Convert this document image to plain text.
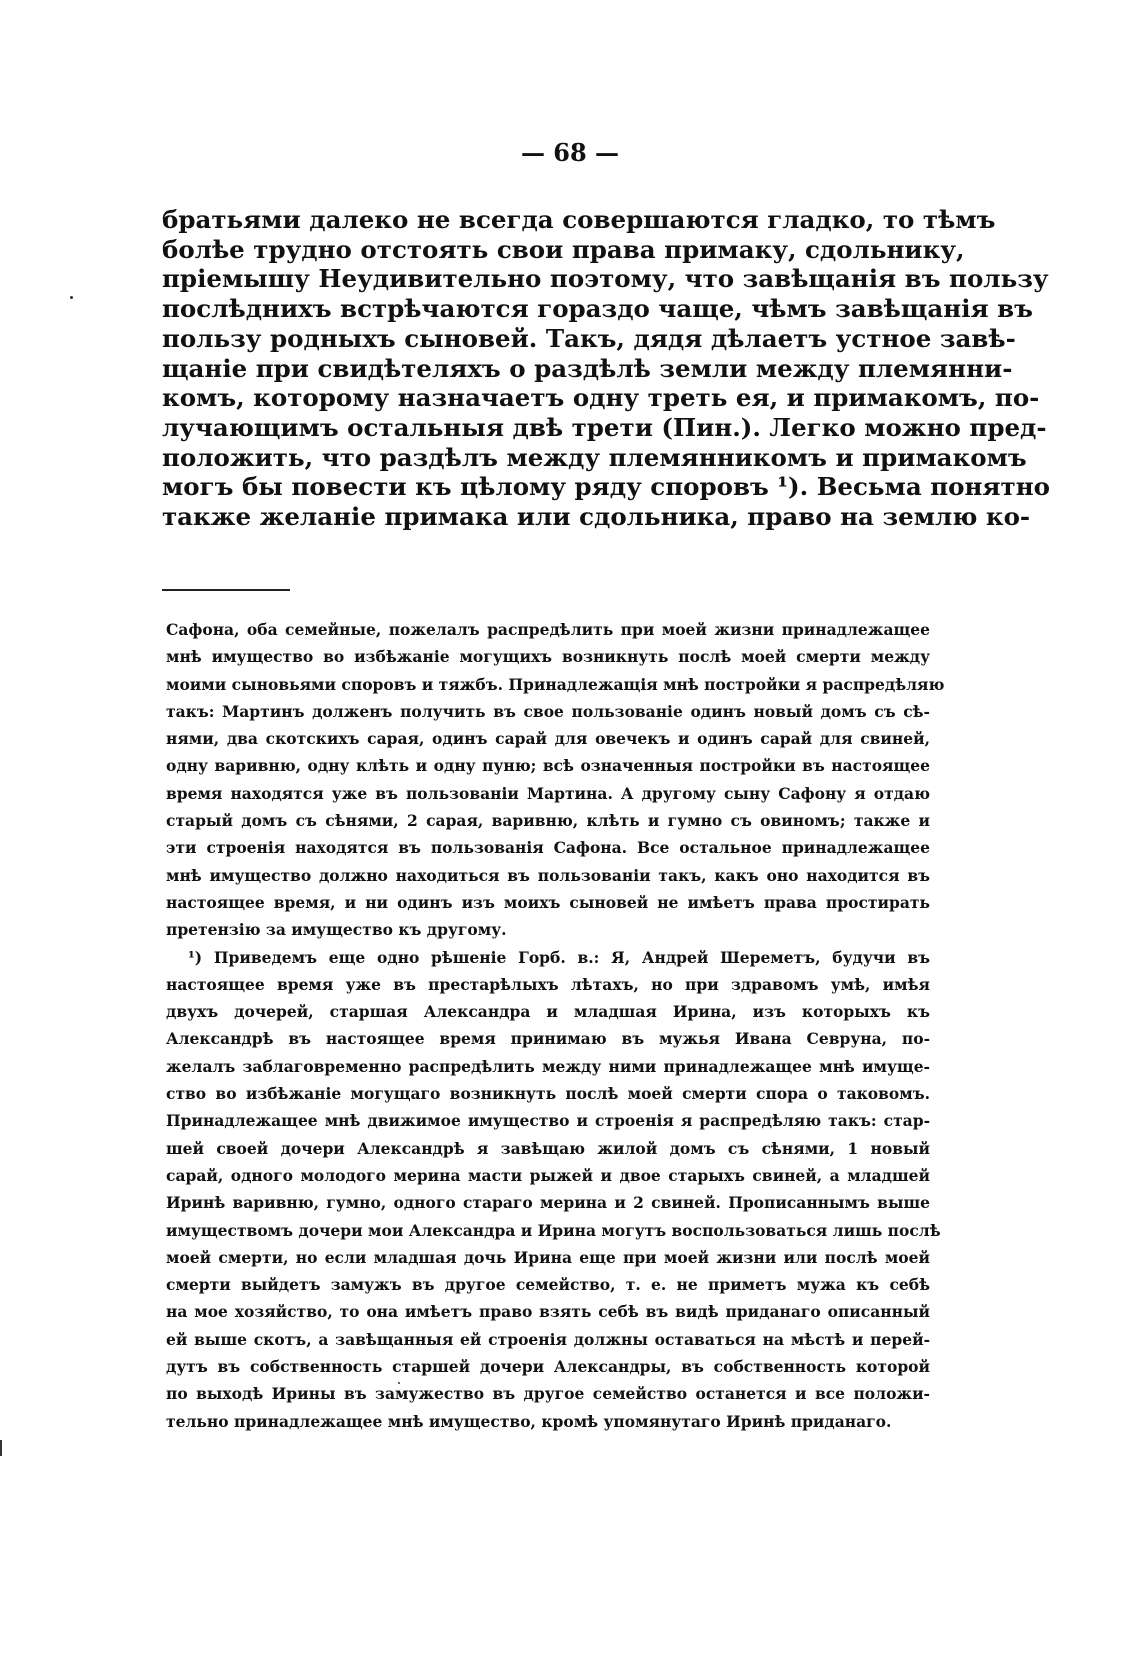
— 68 —
братьями далеко не всегда совершаются гладко, то тѣмъ
болѣе трудно отстоять свои права примаку, сдольнику,
пріемышу Неудивительно поэтому, что завѣщанія въ пользу
послѣднихъ встрѣчаются гораздо чаще, чѣмъ завѣщанія въ
пользу родныхъ сыновей. Такъ, дядя дѣлаетъ устное завѣ-
щаніе при свидѣтеляхъ о раздѣлѣ земли между племянни-
комъ, которому назначаетъ одну треть ея, и примакомъ, по-
лучающимъ остальныя двѣ трети (Пин.). Легко можно пред-
положить, что раздѣлъ между племянникомъ и примакомъ
могъ бы повести къ цѣлому ряду споровъ ¹). Весьма понятно
также желаніе примака или сдольника, право на землю ко-
Сафона, оба семейные, пожелалъ распредѣлить при моей жизни принадлежащее
мнѣ имущество во избѣжаніе могущихъ возникнуть послѣ моей смерти между
моими сыновьями споровъ и тяжбъ. Принадлежащія мнѣ постройки я распредѣляю
такъ: Мартинъ долженъ получить въ свое пользованіе одинъ новый домъ съ сѣ-
нями, два скотскихъ сарая, одинъ сарай для овечекъ и одинъ сарай для свиней,
одну варивню, одну клѣть и одну пуню; всѣ означенныя постройки въ настоящее
время находятся уже въ пользованіи Мартина. А другому сыну Сафону я отдаю
старый домъ съ сѣнями, 2 сарая, варивню, клѣть и гумно съ овиномъ; также и
эти строенія находятся въ пользованія Сафона. Все остальное принадлежащее
мнѣ имущество должно находиться въ пользованіи такъ, какъ оно находится въ
настоящее время, и ни одинъ изъ моихъ сыновей не имѣетъ права простирать
претензію за имущество къ другому.
¹) Приведемъ еще одно рѣшеніе Горб. в.: Я, Андрей Шереметъ, будучи въ
настоящее время уже въ престарѣлыхъ лѣтахъ, но при здравомъ умѣ, имѣя
двухъ дочерей, старшая Александра и младшая Ирина, изъ которыхъ къ
Александрѣ въ настоящее время принимаю въ мужья Ивана Севруна, по-
желалъ заблаговременно распредѣлить между ними принадлежащее мнѣ имуще-
ство во избѣжаніе могущаго возникнуть послѣ моей смерти спора о таковомъ.
Принадлежащее мнѣ движимое имущество и строенія я распредѣляю такъ: стар-
шей своей дочери Александрѣ я завѣщаю жилой домъ съ сѣнями, 1 новый
сарай, одного молодого мерина масти рыжей и двое старыхъ свиней, а младшей
Иринѣ варивню, гумно, одного стараго мерина и 2 свиней. Прописаннымъ выше
имуществомъ дочери мои Александра и Ирина могутъ воспользоваться лишь послѣ
моей смерти, но если младшая дочь Ирина еще при моей жизни или послѣ моей
смерти выйдетъ замужъ въ другое семейство, т. е. не приметъ мужа къ себѣ
на мое хозяйство, то она имѣетъ право взять себѣ въ видѣ приданаго описанный
ей выше скотъ, а завѣщанныя ей строенія должны оставаться на мѣстѣ и перей-
дутъ въ собственность старшей дочери Александры, въ собственность которой
по выходѣ Ирины въ замужество въ другое семейство останется и все положи-
тельно принадлежащее мнѣ имущество, кромѣ упомянутаго Иринѣ приданаго.
